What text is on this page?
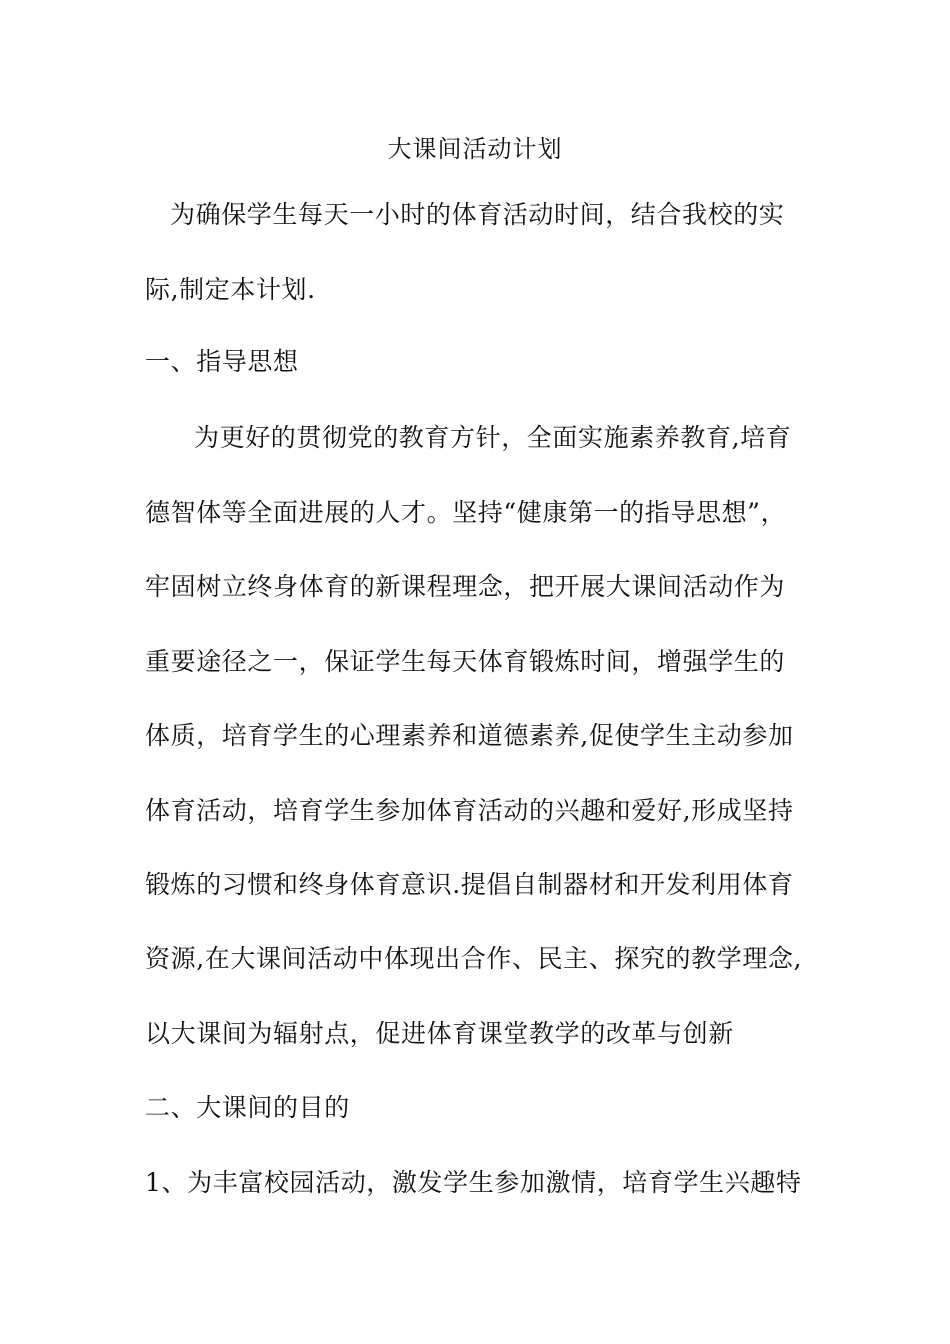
大课间活动计划
为确保学生每天一小时的体育活动时间，结合我校的实
际,制定本计划.
一、指导思想
为更好的贯彻党的教育方针，全面实施素养教育,培育
德智体等全面进展的人才。坚持“健康第一的指导思想”，
牢固树立终身体育的新课程理念，把开展大课间活动作为
重要途径之一，保证学生每天体育锻炼时间，增强学生的
体质，培育学生的心理素养和道德素养,促使学生主动参加
体育活动，培育学生参加体育活动的兴趣和爱好,形成坚持
锻炼的习惯和终身体育意识.提倡自制器材和开发利用体育
资源,在大课间活动中体现出合作、民主、探究的教学理念,
以大课间为辐射点，促进体育课堂教学的改革与创新
二、大课间的目的
1、为丰富校园活动，激发学生参加激情，培育学生兴趣特
